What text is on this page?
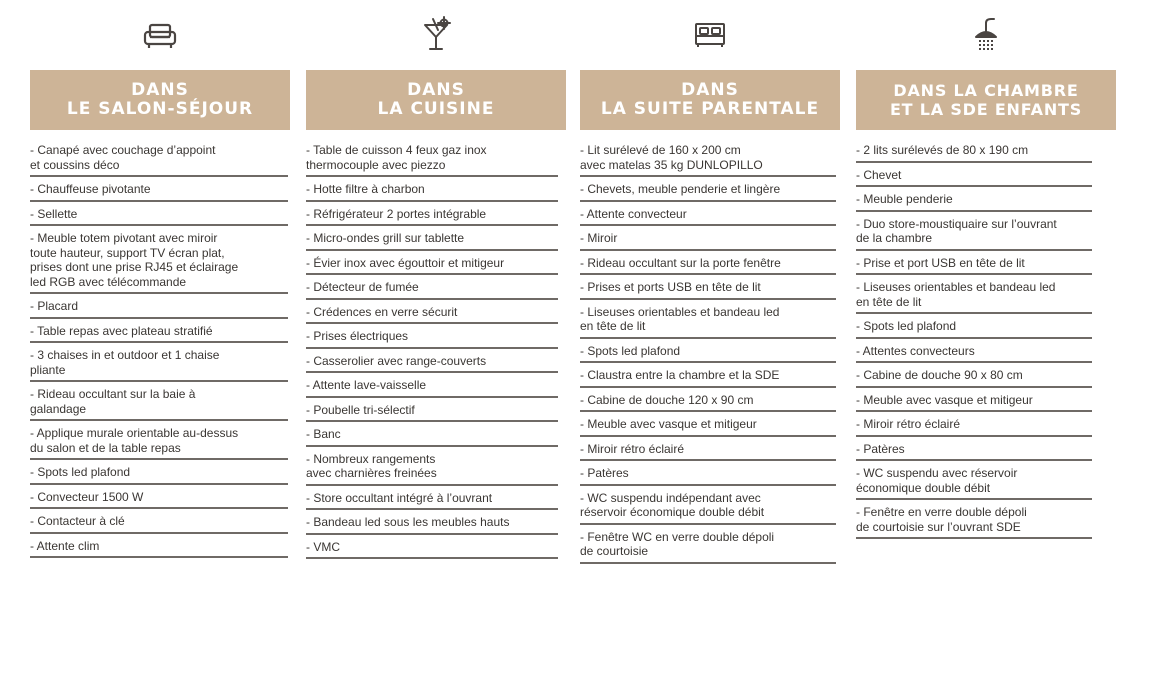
DANS
LE SALON-SÉJOUR
- Canapé avec couchage d’appoint
et coussins déco
- Chauffeuse pivotante
- Sellette
- Meuble totem pivotant avec miroir
toute hauteur, support TV écran plat,
prises dont une prise RJ45 et éclairage
led RGB avec télécommande
- Placard
- Table repas avec plateau stratifié
- 3 chaises in et outdoor et 1 chaise
pliante
- Rideau occultant sur la baie à
galandage
- Applique murale orientable au-dessus
du salon et de la table repas
- Spots led plafond
- Convecteur 1500 W
- Contacteur à clé
- Attente clim
DANS
LA CUISINE
- Table de cuisson 4 feux gaz inox
thermocouple avec piezzo
- Hotte filtre à charbon
- Réfrigérateur 2 portes intégrable
- Micro-ondes grill sur tablette
- Évier inox avec égouttoir et mitigeur
- Détecteur de fumée
- Crédences en verre sécurit
- Prises électriques
- Casserolier avec range-couverts
- Attente lave-vaisselle
- Poubelle tri-sélectif
- Banc
- Nombreux rangements
avec charnières freinées
- Store occultant intégré à l’ouvrant
- Bandeau led sous les meubles hauts
- VMC
DANS
LA SUITE PARENTALE
- Lit surélevé de 160 x 200 cm
avec matelas 35 kg DUNLOPILLO
- Chevets, meuble penderie et lingère
- Attente convecteur
- Miroir
- Rideau occultant sur la porte fenêtre
- Prises et ports USB en tête de lit
- Liseuses orientables et bandeau led
en tête de lit
- Spots led plafond
- Claustra entre la chambre et la SDE
- Cabine de douche 120 x 90 cm
- Meuble avec vasque et mitigeur
- Miroir rétro éclairé
- Patères
- WC suspendu indépendant avec
réservoir économique double débit
- Fenêtre WC en verre double dépoli
de courtoisie
DANS LA CHAMBRE
ET LA SDE ENFANTS
- 2 lits surélevés de 80 x 190 cm
- Chevet
- Meuble penderie
- Duo store-moustiquaire sur l’ouvrant
de la chambre
- Prise et port USB en tête de lit
- Liseuses orientables et bandeau led
en tête de lit
- Spots led plafond
- Attentes convecteurs
- Cabine de douche 90 x 80 cm
- Meuble avec vasque et mitigeur
- Miroir rétro éclairé
- Patères
- WC suspendu avec réservoir
économique double débit
- Fenêtre en verre double dépoli
de courtoisie sur l’ouvrant SDE
